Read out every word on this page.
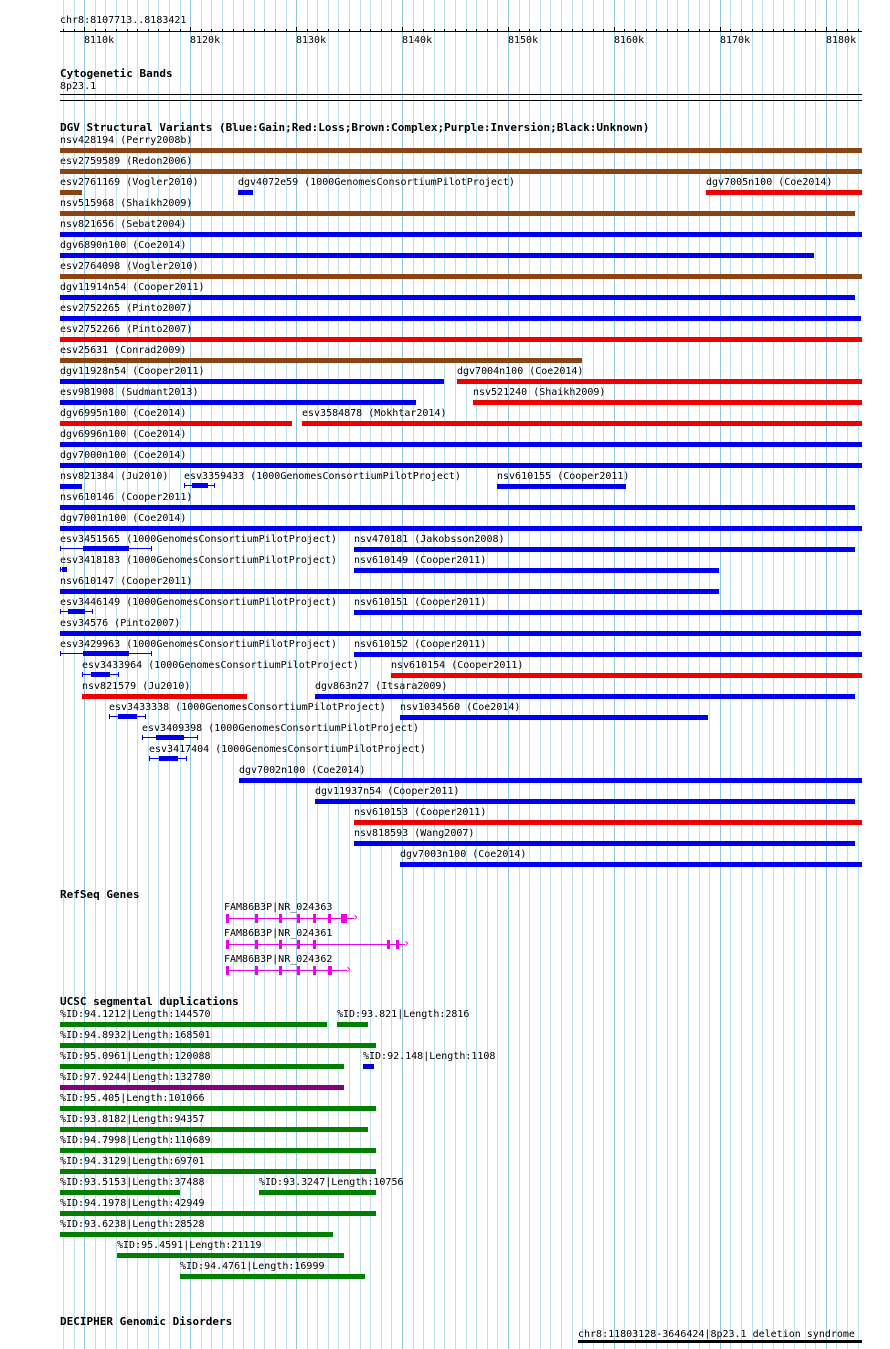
chr8:8107713..8183421
8110k	8120k	8130k	8140k	8150k	8160k	8170k	8180k
Cytogenetic Bands
8p23.1
DGV Structural Variants (Blue:Gain;Red:Loss;Brown:Complex;Purple:Inversion;Black:Unknown)
nsv428194 (Perry2008b)
esv2759589 (Redon2006)
esv2761169 (Vogler2010)	dgv4072e59 (1000GenomesConsortiumPilotProject)	dgv7005n100 (Coe2014)
nsv515968 (Shaikh2009)
nsv821656 (Sebat2004)
dgv6890n100 (Coe2014)
esv2764098 (Vogler2010)
dgv11914n54 (Cooper2011)
esv2752265 (Pinto2007)
esv2752266 (Pinto2007)
esv25631 (Conrad2009)
dgv11928n54 (Cooper2011)	dgv7004n100 (Coe2014)
esv981908 (Sudmant2013)	nsv521240 (Shaikh2009)
dgv6995n100 (Coe2014)	esv3584878 (Mokhtar2014)
dgv6996n100 (Coe2014)
dgv7000n100 (Coe2014)
nsv821384 (Ju2010) esv3359433 (1000GenomesConsortiumPilotProject)	nsv610155 (Cooper2011)
nsv610146 (Cooper2011)
dgv7001n100 (Coe2014)
esv3451565 (1000GenomesConsortiumPilotProject) nsv470181 (Jakobsson2008)
esv3418183 (1000GenomesConsortiumPilotProject) nsv610149 (Cooper2011)
nsv610147 (Cooper2011)
esv3446149 (1000GenomesConsortiumPilotProject) nsv610151 (Cooper2011)
esv34576 (Pinto2007)
esv3429963 (1000GenomesConsortiumPilotProject) nsv610152 (Cooper2011)
esv3433964 (1000GenomesConsortiumPilotProject)	nsv610154 (Cooper2011)
nsv821579 (Ju2010)	dgv863n27 (Itsara2009)
esv3433338 (1000GenomesConsortiumPilotProject) nsv1034560 (Coe2014)
esv3409398 (1000GenomesConsortiumPilotProject)
esv3417404 (1000GenomesConsortiumPilotProject)
dgv7002n100 (Coe2014)
dgv11937n54 (Cooper2011)
nsv610153 (Cooper2011)
nsv818593 (Wang2007)
dgv7003n100 (Coe2014)
RefSeq Genes
FAM86B3P|NR_024363
›
FAM86B3P|NR_024361
›
FAM86B3P|NR_024362
›
UCSC segmental duplications
%ID:94.1212|Length:144570	%ID:93.821|Length:2816
%ID:94.8932|Length:168501
%ID:95.0961|Length:120088	%ID:92.148|Length:1108
%ID:97.9244|Length:132780
%ID:95.405|Length:101066
%ID:93.8182|Length:94357
%ID:94.7998|Length:110689
%ID:94.3129|Length:69701
%ID:93.5153|Length:37488	%ID:93.3247|Length:10756
%ID:94.1978|Length:42949
%ID:93.6238|Length:28528
%ID:95.4591|Length:21119
%ID:94.4761|Length:16999
DECIPHER Genomic Disorders
chr8:11803128-3646424|8p23.1 deletion syndrome
